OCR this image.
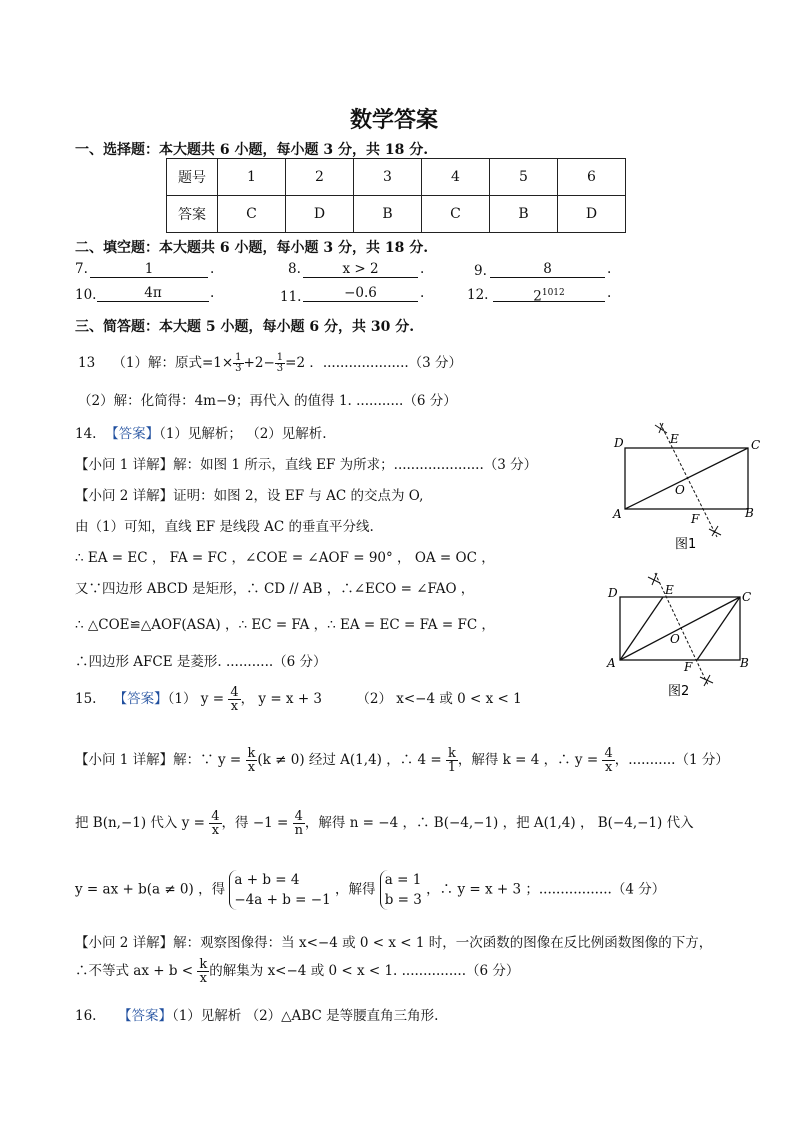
数学答案
一、选择题：本大题共 6 小题，每小题 3 分，共 18 分.
题号	1	2	3	4	5	6
答案	C	D	B	C	B	D
二、填空题：本大题共 6 小题，每小题 3 分，共 18 分.
7.	1	.	8.	x > 2	.	9.	8	.
10.	4π	.	11.	−0.6	.	12.	$2^{1012}$	.
三、简答题：本大题 5 小题，每小题 6 分，共 30 分.
13 （1）解：原式$=1\times \frac{1}{3} +2- \frac{1}{3} =2$ ．....................（3 分）
（2）解：化简得：4m−9；再代入 的值得 1. ...........（6 分）
14. 【答案】（1）见解析； （2）见解析.
【小问 1 详解】解：如图 1 所示，直线 EF 为所求；.....................（3 分）
【小问 2 详解】证明：如图 2，设 EF 与 AC 的交点为 O,
由（1）可知，直线 EF 是线段 AC 的垂直平分线.
∴ EA = EC ， FA = FC ，∠COE = ∠AOF = 90° ， OA = OC ，
又∵四边形 ABCD 是矩形，∴ CD // AB ，∴∠ECO = ∠FAO ，
∴ △COE≌△AOF(ASA) ，∴ EC = FA ，∴ EA = EC = FA = FC ，
∴四边形 AFCE 是菱形. ...........（6 分）
D	E	C
O
A	F	B
图1
D	E	C
O
A	F	B
图2
15. 【答案】（1） $y = \frac{4}{x}$ ， y = x + 3	（2） x<−4 或 0 < x < 1
【小问 1 详解】解：∵ $y = \frac{k}{x} (k \ne 0)$ 经过 A(1,4) ，∴ $4 = \frac{k}{1}$ ，解得 k = 4 ，∴ $y = \frac{4}{x}$ ，...........（1 分）
把 B(n,−1) 代入 $y = \frac{4}{x}$ ，得 $-1 = \frac{4}{n}$ ，解得 n = −4 ，∴ B(−4,−1) ，把 A(1,4) ， B(−4,−1) 代入
y = ax + b(a ≠ 0) ，得 a + b = 4
−4a + b = −1 ，解得 a = 1
b = 3 ，∴ y = x + 3 ；.................（4 分）
【小问 2 详解】解：观察图像得：当 x<−4 或 0 < x < 1 时，一次函数的图像在反比例函数图像的下方，
∴不等式 ax + $b < \frac{k}{x}$ 的解集为 x<−4 或 0 < x < 1. ...............（6 分）
16. 【答案】（1）见解析 （2）△ABC 是等腰直角三角形.
